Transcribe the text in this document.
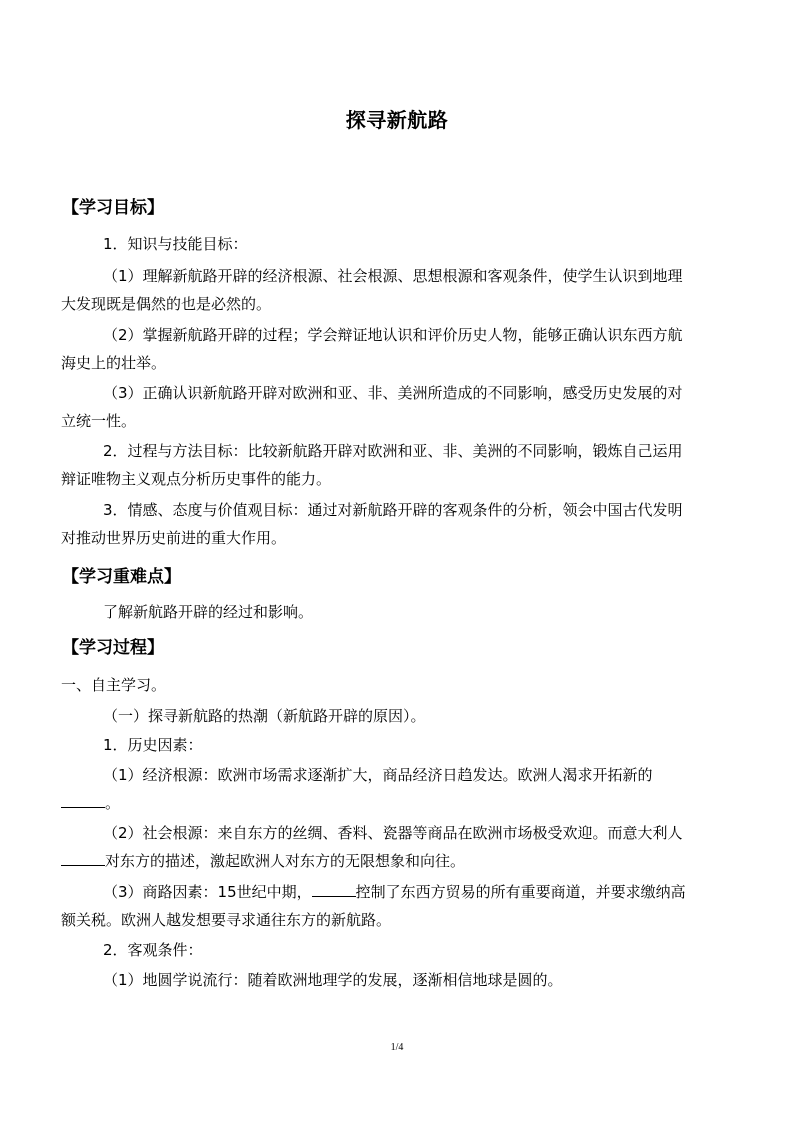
探寻新航路
【学习目标】
1．知识与技能目标：
（1）理解新航路开辟的经济根源、社会根源、思想根源和客观条件，使学生认识到地理
大发现既是偶然的也是必然的。
（2）掌握新航路开辟的过程；学会辩证地认识和评价历史人物，能够正确认识东西方航
海史上的壮举。
（3）正确认识新航路开辟对欧洲和亚、非、美洲所造成的不同影响，感受历史发展的对
立统一性。
2．过程与方法目标：比较新航路开辟对欧洲和亚、非、美洲的不同影响，锻炼自己运用
辩证唯物主义观点分析历史事件的能力。
3．情感、态度与价值观目标：通过对新航路开辟的客观条件的分析，领会中国古代发明
对推动世界历史前进的重大作用。
【学习重难点】
了解新航路开辟的经过和影响。
【学习过程】
一、自主学习。
（一）探寻新航路的热潮（新航路开辟的原因）。
1．历史因素：
（1）经济根源：欧洲市场需求逐渐扩大，商品经济日趋发达。欧洲人渴求开拓新的
。
（2）社会根源：来自东方的丝绸、香料、瓷器等商品在欧洲市场极受欢迎。而意大利人
对东方的描述，激起欧洲人对东方的无限想象和向往。
（3）商路因素：15世纪中期，	控制了东西方贸易的所有重要商道，并要求缴纳高
额关税。欧洲人越发想要寻求通往东方的新航路。
2．客观条件：
（1）地圆学说流行：随着欧洲地理学的发展，逐渐相信地球是圆的。
1/4
